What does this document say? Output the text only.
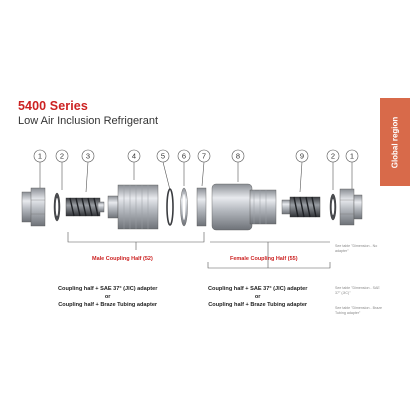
5400 Series
Low Air Inclusion Refrigerant	Global region
1 2	3	4	5 6 7	8	9	2 1
Male Coupling Half (52)	Female Coupling Half (55)
See table "Dimension - No adapter"
See table "Dimension - SAE 37° (JIC)"
See table "Dimension - Braze Tubing adapter"
Coupling half + SAE 37° (JIC) adapter
or
Coupling half + Braze Tubing adapter
Coupling half + SAE 37° (JIC) adapter
or
Coupling half + Braze Tubing adapter
